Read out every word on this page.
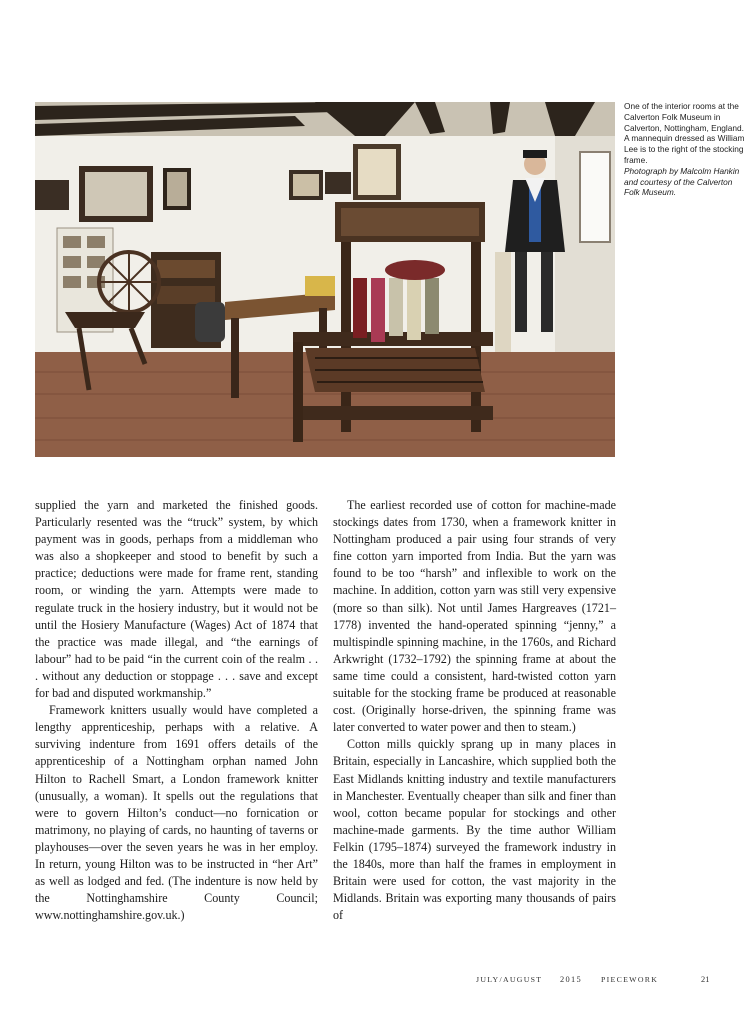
One of the interior rooms at the Calverton Folk Museum in Calverton, Nottingham, England. A mannequin dressed as William Lee is to the right of the stocking frame.
Photograph by Malcolm Hankin and courtesy of the Calverton Folk Museum.

supplied the yarn and marketed the finished goods. Particularly resented was the “truck” system, by which payment was in goods, perhaps from a middleman who was also a shopkeeper and stood to benefit by such a practice; deductions were made for frame rent, standing room, or winding the yarn. Attempts were made to regulate truck in the hosiery industry, but it would not be until the Hosiery Manufacture (Wages) Act of 1874 that the practice was made illegal, and “the earnings of labour” had to be paid “in the current coin of the realm . . . without any deduction or stoppage . . . save and except for bad and disputed workmanship.”

Framework knitters usually would have completed a lengthy apprenticeship, perhaps with a relative. A surviving indenture from 1691 offers details of the apprenticeship of a Nottingham orphan named John Hilton to Rachell Smart, a London framework knitter (unusually, a woman). It spells out the regulations that were to govern Hilton’s conduct—no fornication or matrimony, no playing of cards, no haunting of taverns or playhouses—over the seven years he was in her employ. In return, young Hilton was to be instructed in “her Art” as well as lodged and fed. (The indenture is now held by the Nottinghamshire County Council; www.nottinghamshire.gov.uk.)

The earliest recorded use of cotton for machine-made stockings dates from 1730, when a framework knitter in Nottingham produced a pair using four strands of very fine cotton yarn imported from India. But the yarn was found to be too “harsh” and inflexible to work on the machine. In addition, cotton yarn was still very expensive (more so than silk). Not until James Hargreaves (1721–1778) invented the hand-operated spinning “jenny,” a multispindle spinning machine, in the 1760s, and Richard Arkwright (1732–1792) the spinning frame at about the same time could a consistent, hard-twisted cotton yarn suitable for the stocking frame be produced at reasonable cost. (Originally horse-driven, the spinning frame was later converted to water power and then to steam.)

Cotton mills quickly sprang up in many places in Britain, especially in Lancashire, which supplied both the East Midlands knitting industry and textile manufacturers in Manchester. Eventually cheaper than silk and finer than wool, cotton became popular for stockings and other machine-made garments. By the time author William Felkin (1795–1874) surveyed the framework industry in the 1840s, more than half the frames in employment in Britain were used for cotton, the vast majority in the Midlands. Britain was exporting many thousands of pairs of

JULY/AUGUST 2015 PIECEWORK	21
